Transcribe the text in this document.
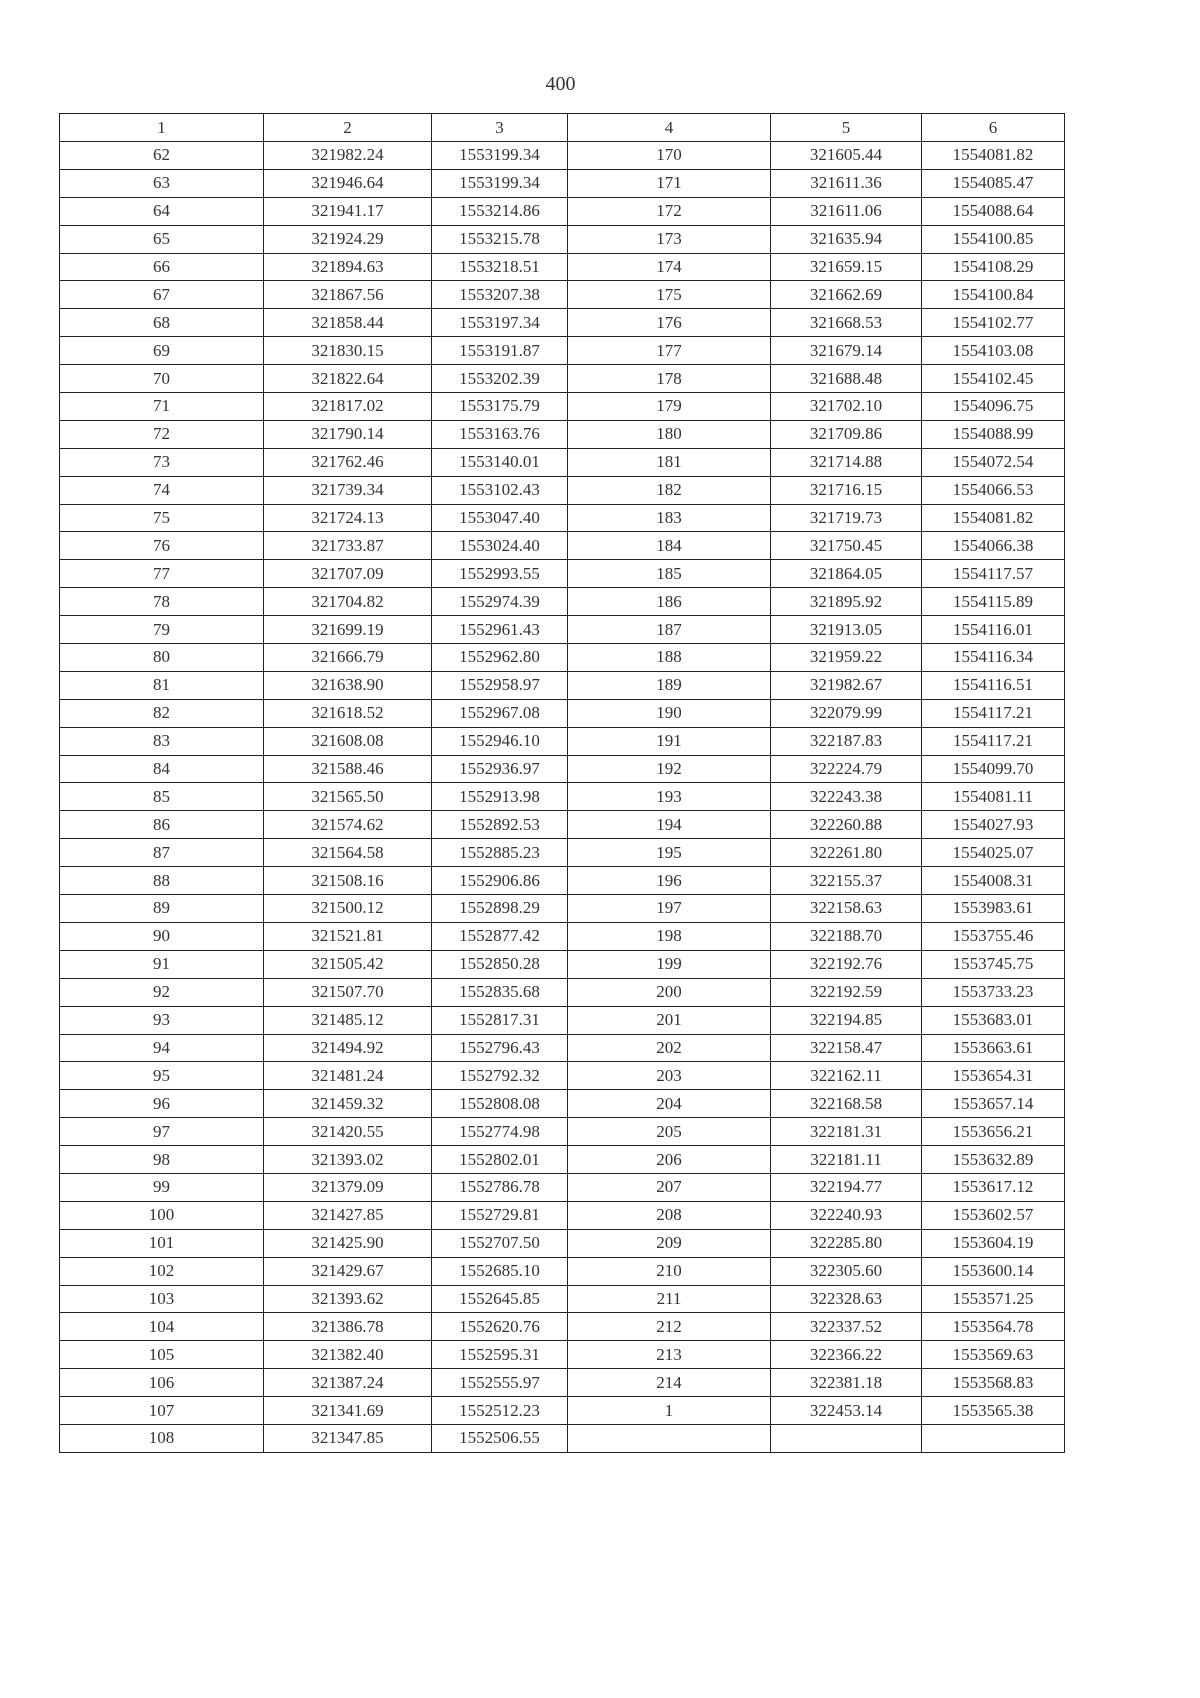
400
1	2	3	4	5	6
62	321982.24	1553199.34	170	321605.44	1554081.82
63	321946.64	1553199.34	171	321611.36	1554085.47
64	321941.17	1553214.86	172	321611.06	1554088.64
65	321924.29	1553215.78	173	321635.94	1554100.85
66	321894.63	1553218.51	174	321659.15	1554108.29
67	321867.56	1553207.38	175	321662.69	1554100.84
68	321858.44	1553197.34	176	321668.53	1554102.77
69	321830.15	1553191.87	177	321679.14	1554103.08
70	321822.64	1553202.39	178	321688.48	1554102.45
71	321817.02	1553175.79	179	321702.10	1554096.75
72	321790.14	1553163.76	180	321709.86	1554088.99
73	321762.46	1553140.01	181	321714.88	1554072.54
74	321739.34	1553102.43	182	321716.15	1554066.53
75	321724.13	1553047.40	183	321719.73	1554081.82
76	321733.87	1553024.40	184	321750.45	1554066.38
77	321707.09	1552993.55	185	321864.05	1554117.57
78	321704.82	1552974.39	186	321895.92	1554115.89
79	321699.19	1552961.43	187	321913.05	1554116.01
80	321666.79	1552962.80	188	321959.22	1554116.34
81	321638.90	1552958.97	189	321982.67	1554116.51
82	321618.52	1552967.08	190	322079.99	1554117.21
83	321608.08	1552946.10	191	322187.83	1554117.21
84	321588.46	1552936.97	192	322224.79	1554099.70
85	321565.50	1552913.98	193	322243.38	1554081.11
86	321574.62	1552892.53	194	322260.88	1554027.93
87	321564.58	1552885.23	195	322261.80	1554025.07
88	321508.16	1552906.86	196	322155.37	1554008.31
89	321500.12	1552898.29	197	322158.63	1553983.61
90	321521.81	1552877.42	198	322188.70	1553755.46
91	321505.42	1552850.28	199	322192.76	1553745.75
92	321507.70	1552835.68	200	322192.59	1553733.23
93	321485.12	1552817.31	201	322194.85	1553683.01
94	321494.92	1552796.43	202	322158.47	1553663.61
95	321481.24	1552792.32	203	322162.11	1553654.31
96	321459.32	1552808.08	204	322168.58	1553657.14
97	321420.55	1552774.98	205	322181.31	1553656.21
98	321393.02	1552802.01	206	322181.11	1553632.89
99	321379.09	1552786.78	207	322194.77	1553617.12
100	321427.85	1552729.81	208	322240.93	1553602.57
101	321425.90	1552707.50	209	322285.80	1553604.19
102	321429.67	1552685.10	210	322305.60	1553600.14
103	321393.62	1552645.85	211	322328.63	1553571.25
104	321386.78	1552620.76	212	322337.52	1553564.78
105	321382.40	1552595.31	213	322366.22	1553569.63
106	321387.24	1552555.97	214	322381.18	1553568.83
107	321341.69	1552512.23	1	322453.14	1553565.38
108	321347.85	1552506.55			
